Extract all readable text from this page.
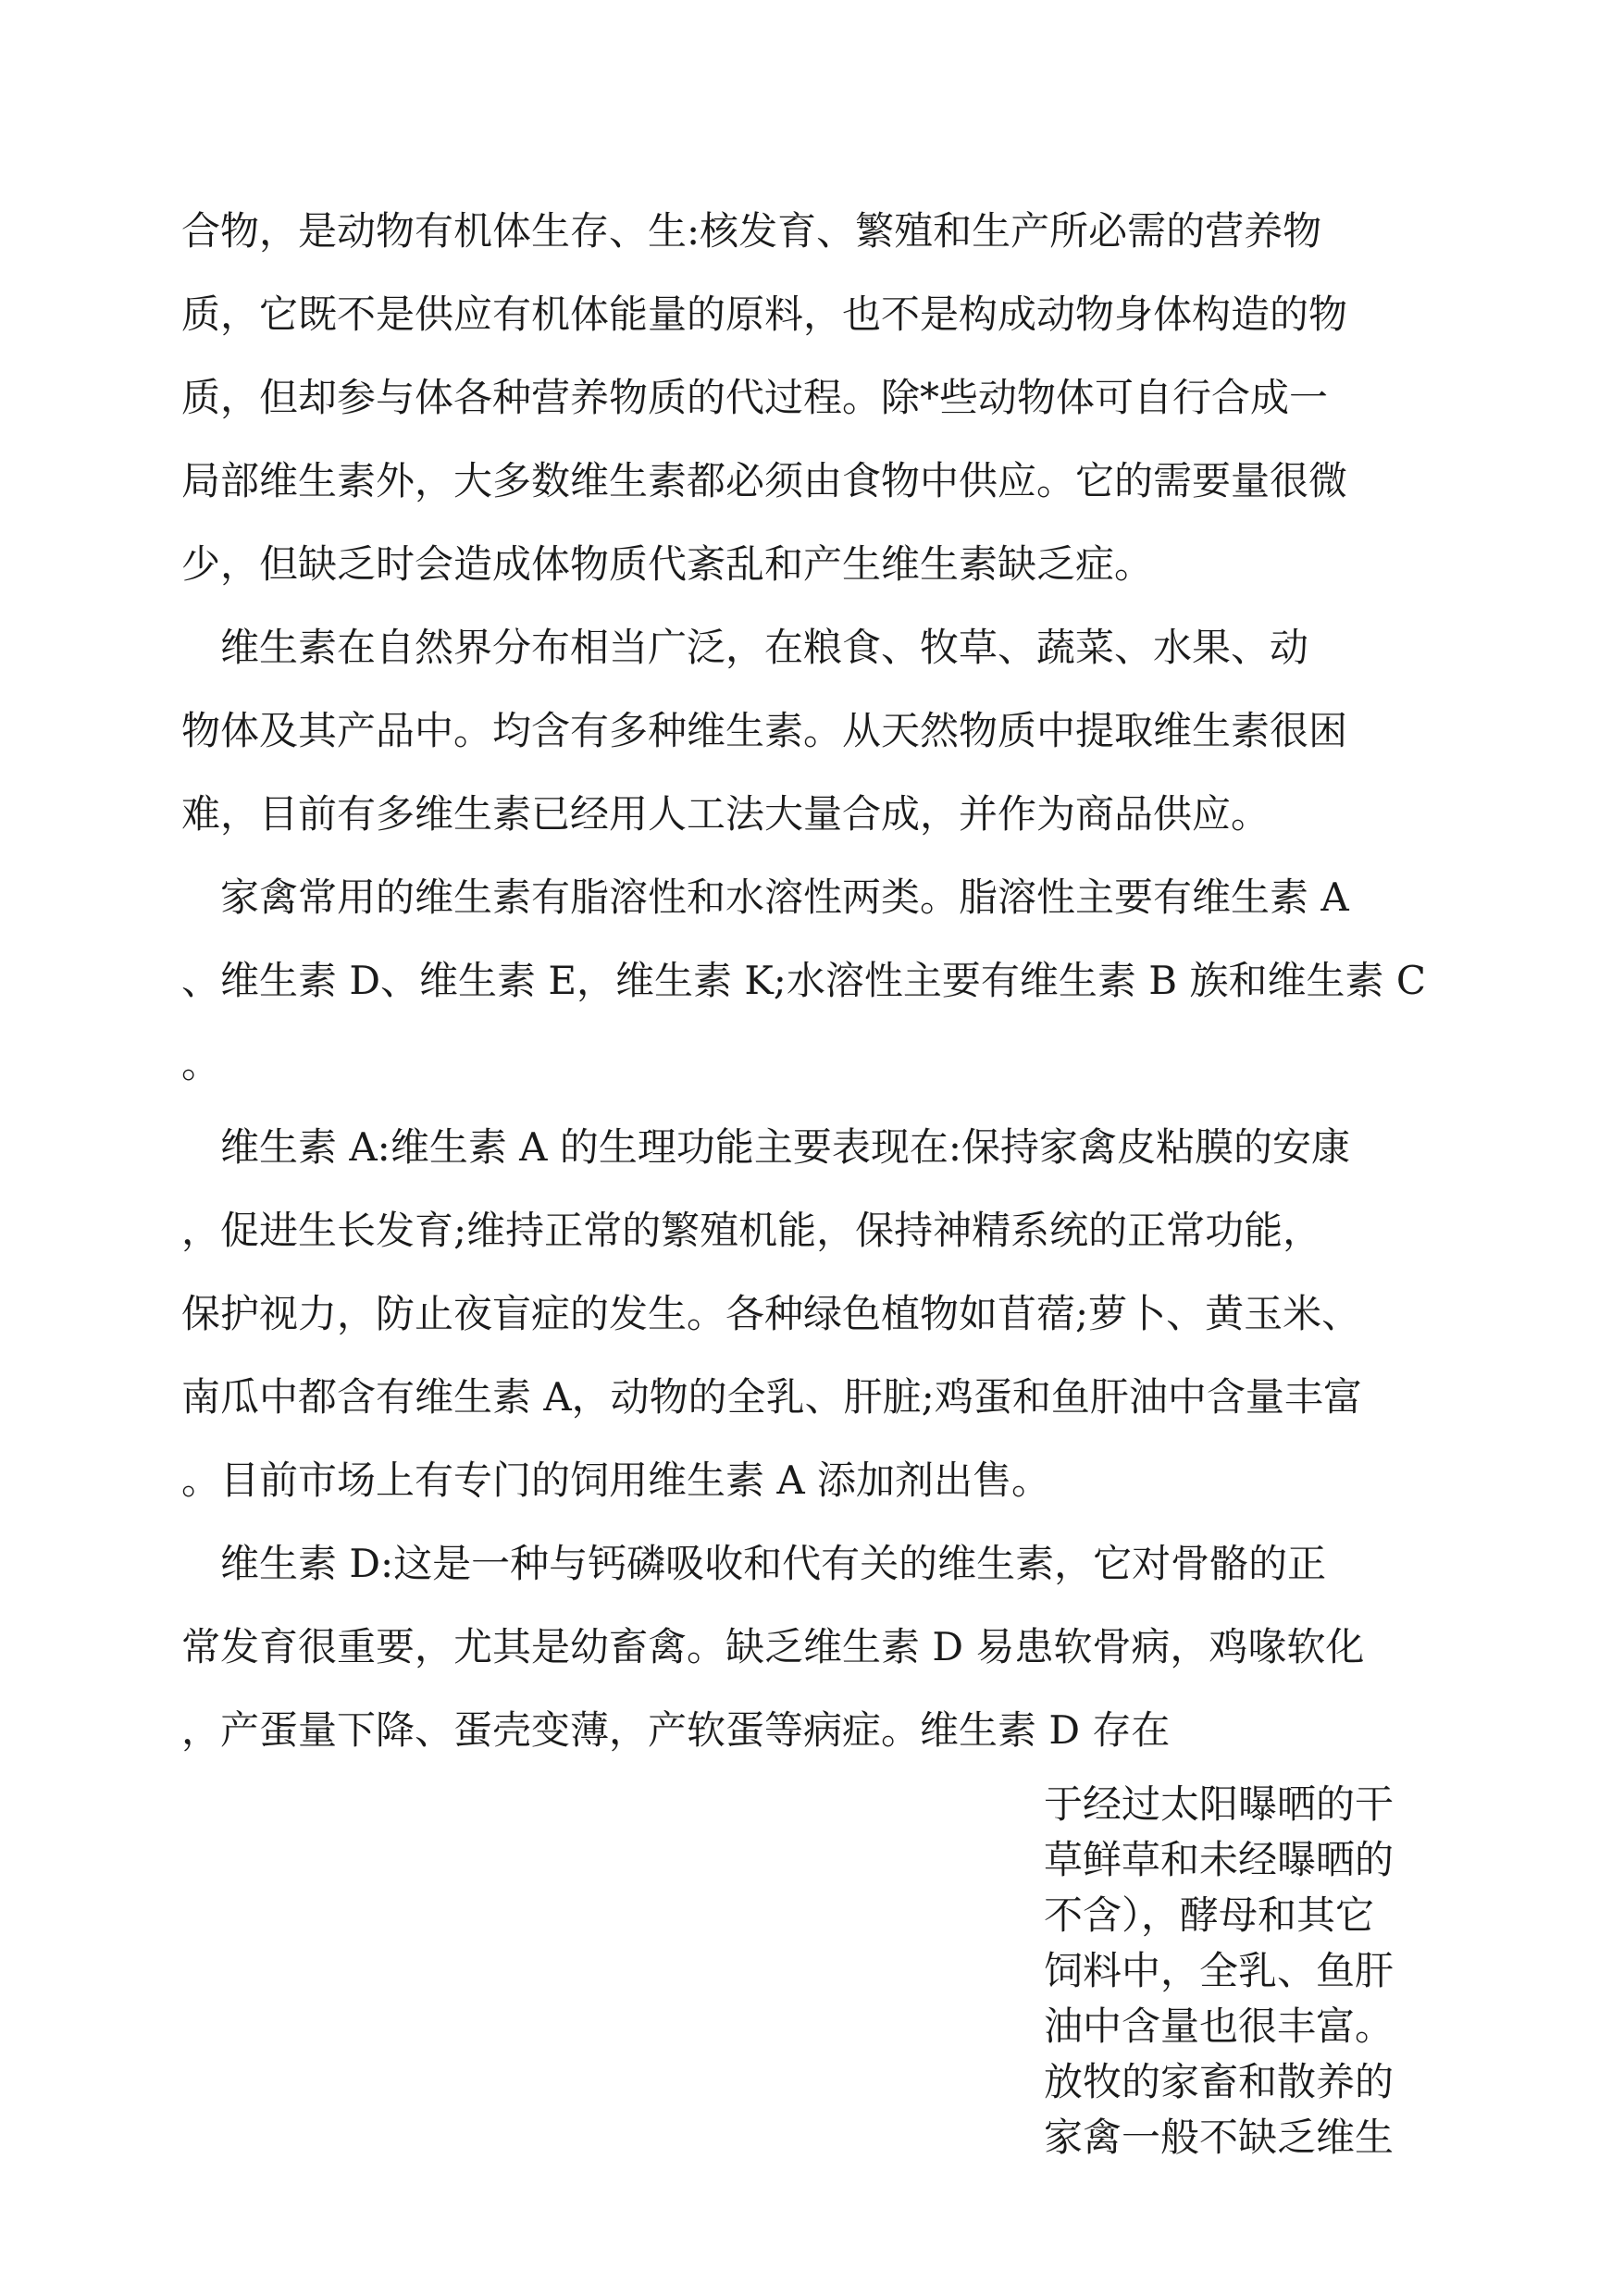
合物，是动物有机体生存、生:核发育、繁殖和生产所必需的营养物
质，它既不是供应有机体能量的原料，也不是构成动物身体构造的物
质，但却参与体各种营养物质的代过程。除*些动物体可自行合成一
局部维生素外，大多数维生素都必须由食物中供应。它的需要量很微
少，但缺乏时会造成体物质代紊乱和产生维生素缺乏症。
　维生素在自然界分布相当广泛，在粮食、牧草、蔬菜、水果、动
物体及其产品中。均含有多种维生素。从天然物质中提取维生素很困
难，目前有多维生素已经用人工法大量合成，并作为商品供应。
　家禽常用的维生素有脂溶性和水溶性两类。脂溶性主要有维生素 A
、维生素 D、维生素 E，维生素 K;水溶性主要有维生素 B 族和维生素 C
。
　维生素 A:维生素 A 的生理功能主要表现在:保持家禽皮粘膜的安康
，促进生长发育;维持正常的繁殖机能，保持神精系统的正常功能，
保护视力，防止夜盲症的发生。各种绿色植物如苜蓿;萝卜、黄玉米、
南瓜中都含有维生素 A，动物的全乳、肝脏;鸡蛋和鱼肝油中含量丰富
。目前市场上有专门的饲用维生素 A 添加剂出售。
　维生素 D:这是一种与钙磷吸收和代有关的维生素，它对骨骼的正
常发育很重要，尤其是幼畜禽。缺乏维生素 D 易患软骨病，鸡喙软化
，产蛋量下降、蛋壳变薄，产软蛋等病症。维生素 D 存在
于经过太阳曝晒的干
草鲜草和未经曝晒的
不含），酵母和其它
饲料中，全乳、鱼肝
油中含量也很丰富。
放牧的家畜和散养的
家禽一般不缺乏维生
